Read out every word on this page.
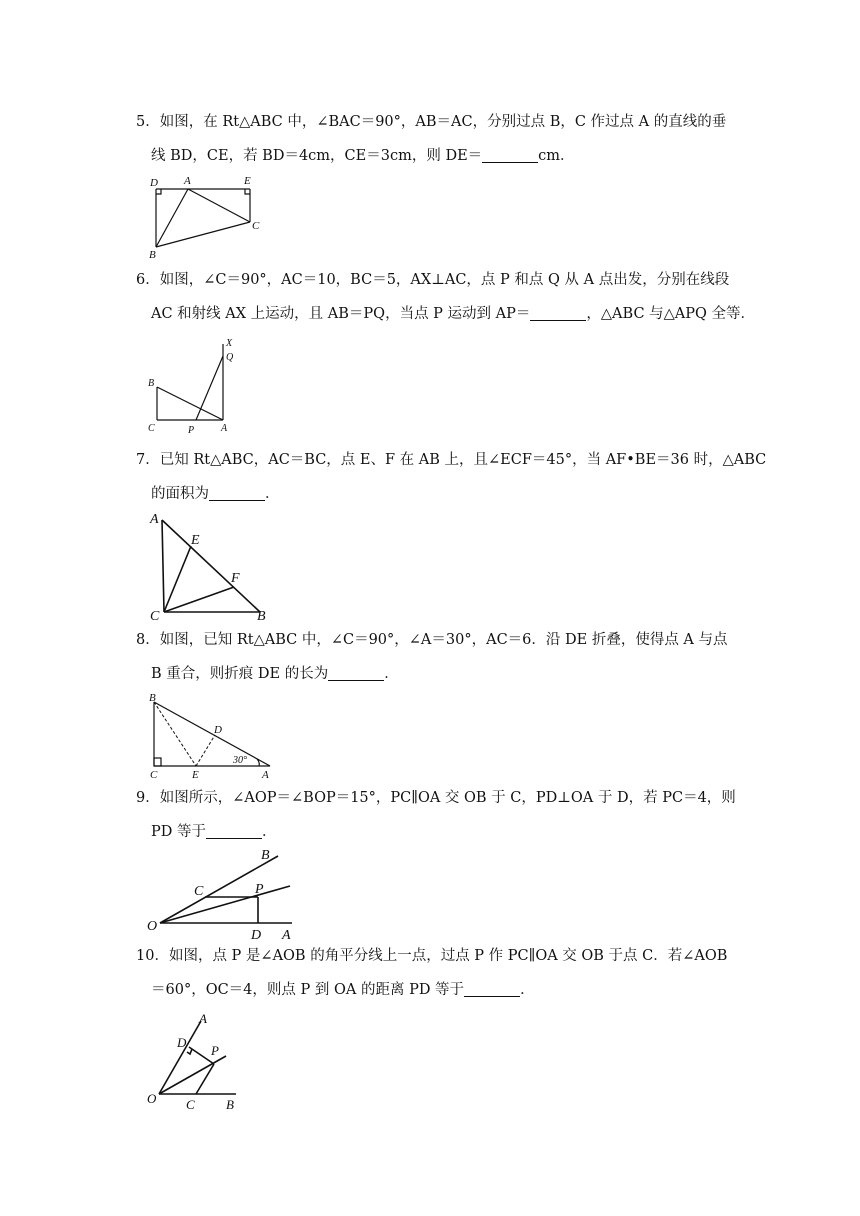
5．如图，在 Rt△ABC 中，∠BAC＝90°，AB＝AC，分别过点 B，C 作过点 A 的直线的垂
线 BD，CE，若 BD＝4cm，CE＝3cm，则 DE＝	cm．
D A	E
C
B
6．如图，∠C＝90°，AC＝10，BC＝5，AX⊥AC，点 P 和点 Q 从 A 点出发，分别在线段
AC 和射线 AX 上运动，且 AB＝PQ，当点 P 运动到 AP＝	，△ABC 与△APQ 全等．
X
Q
B
C	P	A
7．已知 Rt△ABC，AC＝BC，点 E、F 在 AB 上，且∠ECF＝45°，当 AF•BE＝36 时，△ABC
的面积为	．
A
E
F
C	B
8．如图，已知 Rt△ABC 中，∠C＝90°，∠A＝30°，AC＝6．沿 DE 折叠，使得点 A 与点
B 重合，则折痕 DE 的长为	．
B
D
C	E
30°
A
9．如图所示，∠AOP＝∠BOP＝15°，PC∥OA 交 OB 于 C，PD⊥OA 于 D，若 PC＝4，则
PD 等于	．
B
C	P
O
D A
10．如图，点 P 是∠AOB 的角平分线上一点，过点 P 作 PC∥OA 交 OB 于点 C．若∠AOB
＝60°，OC＝4，则点 P 到 OA 的距离 PD 等于	．
A
D
P
O C B
